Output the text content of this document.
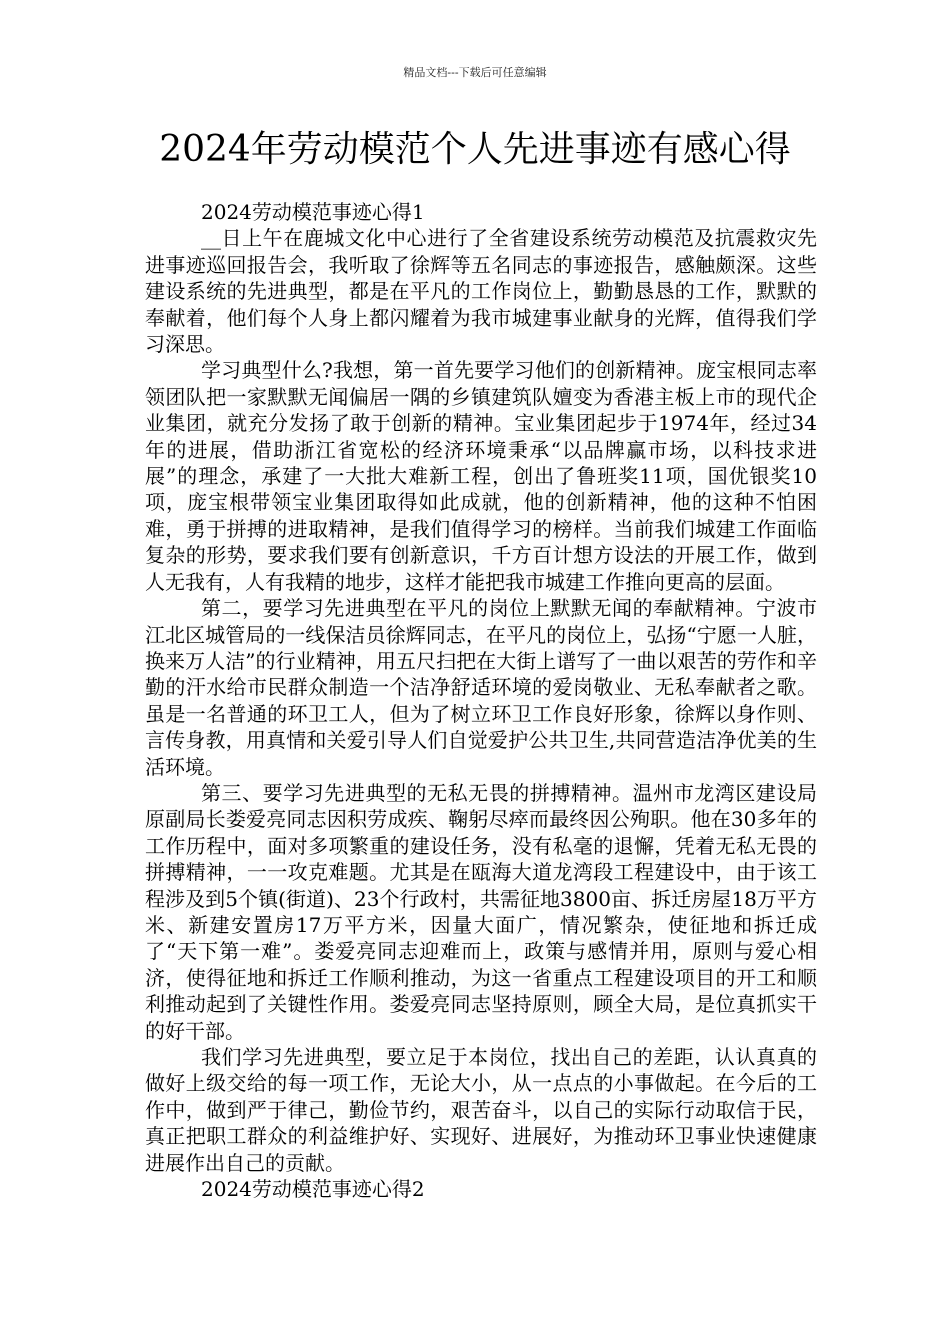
精品文档---下载后可任意编辑
2024年劳动模范个人先进事迹有感心得

2024劳动模范事迹心得1

__日上午在鹿城文化中心进行了全省建设系统劳动模范及抗震救灾先进事迹巡回报告会，我听取了徐辉等五名同志的事迹报告，感触颇深。这些建设系统的先进典型，都是在平凡的工作岗位上，勤勤恳恳的工作，默默的奉献着，他们每个人身上都闪耀着为我市城建事业献身的光辉，值得我们学习深思。

学习典型什么?我想，第一首先要学习他们的创新精神。庞宝根同志率领团队把一家默默无闻偏居一隅的乡镇建筑队嬗变为香港主板上市的现代企业集团，就充分发扬了敢于创新的精神。宝业集团起步于1974年，经过34年的进展，借助浙江省宽松的经济环境秉承“以品牌赢市场，以科技求进展”的理念，承建了一大批大难新工程，创出了鲁班奖11项，国优银奖10项，庞宝根带领宝业集团取得如此成就，他的创新精神，他的这种不怕困难，勇于拼搏的进取精神，是我们值得学习的榜样。当前我们城建工作面临复杂的形势，要求我们要有创新意识，千方百计想方设法的开展工作，做到人无我有，人有我精的地步，这样才能把我市城建工作推向更高的层面。

第二，要学习先进典型在平凡的岗位上默默无闻的奉献精神。宁波市江北区城管局的一线保洁员徐辉同志，在平凡的岗位上，弘扬“宁愿一人脏，换来万人洁”的行业精神，用五尺扫把在大街上谱写了一曲以艰苦的劳作和辛勤的汗水给市民群众制造一个洁净舒适环境的爱岗敬业、无私奉献者之歌。虽是一名普通的环卫工人，但为了树立环卫工作良好形象，徐辉以身作则、言传身教，用真情和关爱引导人们自觉爱护公共卫生,共同营造洁净优美的生活环境。

第三、要学习先进典型的无私无畏的拼搏精神。温州市龙湾区建设局原副局长娄爱亮同志因积劳成疾、鞠躬尽瘁而最终因公殉职。他在30多年的工作历程中，面对多项繁重的建设任务，没有私毫的退懈，凭着无私无畏的拼搏精神，一一攻克难题。尤其是在瓯海大道龙湾段工程建设中，由于该工程涉及到5个镇(街道)、23个行政村，共需征地3800亩、拆迁房屋18万平方米、新建安置房17万平方米，因量大面广，情况繁杂，使征地和拆迁成了“天下第一难”。娄爱亮同志迎难而上，政策与感情并用，原则与爱心相济，使得征地和拆迁工作顺利推动，为这一省重点工程建设项目的开工和顺利推动起到了关键性作用。娄爱亮同志坚持原则，顾全大局，是位真抓实干的好干部。

我们学习先进典型，要立足于本岗位，找出自己的差距，认认真真的做好上级交给的每一项工作，无论大小，从一点点的小事做起。在今后的工作中，做到严于律己，勤俭节约，艰苦奋斗，以自己的实际行动取信于民，真正把职工群众的利益维护好、实现好、进展好，为推动环卫事业快速健康进展作出自己的贡献。

2024劳动模范事迹心得2
